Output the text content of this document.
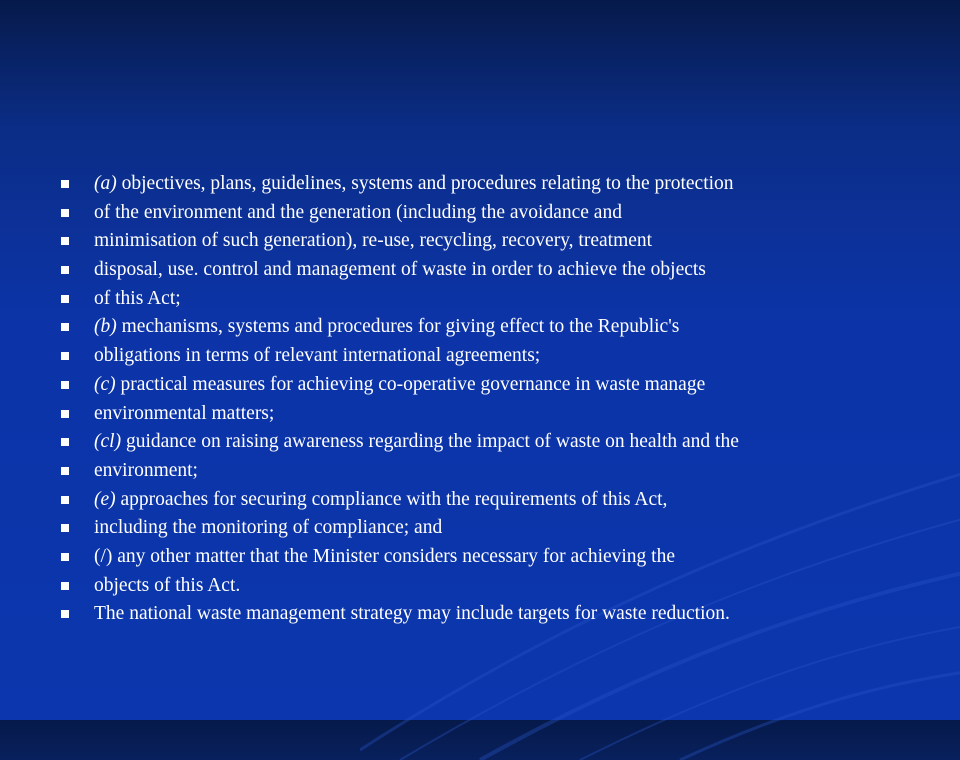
(a) objectives, plans, guidelines, systems and procedures relating to the protection
of the environment and the generation (including the avoidance and
minimisation of such generation), re-use, recycling, recovery, treatment
disposal, use. control and management of waste in order to achieve the objects
of this Act;
(b) mechanisms, systems and procedures for giving effect to the Republic's
obligations in terms of relevant international agreements;
(c) practical measures for achieving co-operative governance in waste manage
environmental matters;
(cl) guidance on raising awareness regarding the impact of waste on health and the
environment;
(e) approaches for securing compliance with the requirements of this Act,
including the monitoring of compliance; and
(/) any other matter that the Minister considers necessary for achieving the
objects of this Act.
The national waste management strategy may include targets for waste reduction.
